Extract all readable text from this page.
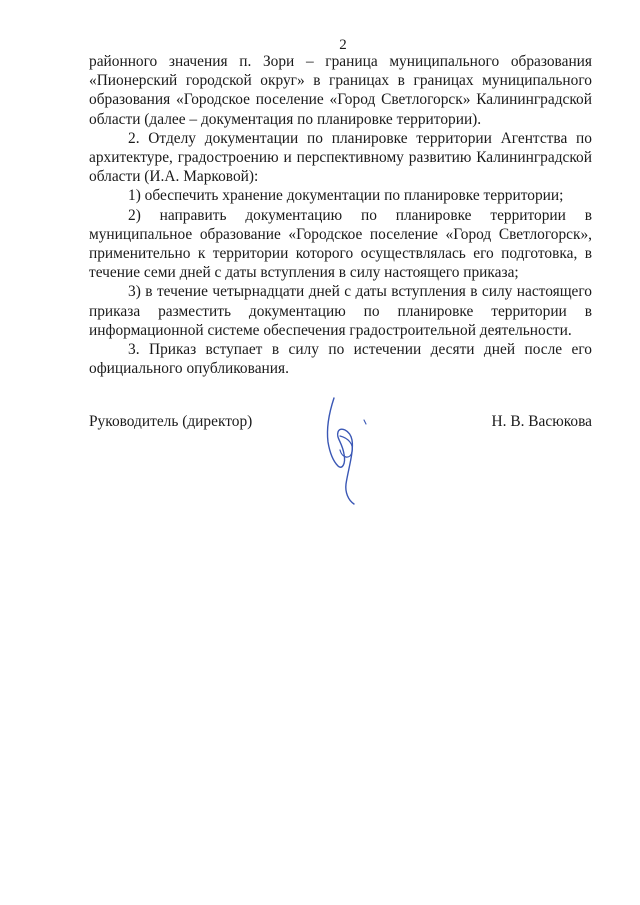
2

районного значения п. Зори – граница муниципального образования «Пионерский городской округ» в границах в границах муниципального образования «Городское поселение «Город Светлогорск» Калининградской области (далее – документация по планировке территории).

2. Отделу документации по планировке территории Агентства по архитектуре, градостроению и перспективному развитию Калининградской области (И.А. Марковой):

1) обеспечить хранение документации по планировке территории;

2) направить документацию по планировке территории в муниципальное образование «Городское поселение «Город Светлогорск», применительно к территории которого осуществлялась его подготовка, в течение семи дней с даты вступления в силу настоящего приказа;

3) в течение четырнадцати дней с даты вступления в силу настоящего приказа разместить документацию по планировке территории в информационной системе обеспечения градостроительной деятельности.

3. Приказ вступает в силу по истечении десяти дней после его официального опубликования.

Руководитель (директор)	Н. В. Васюкова
